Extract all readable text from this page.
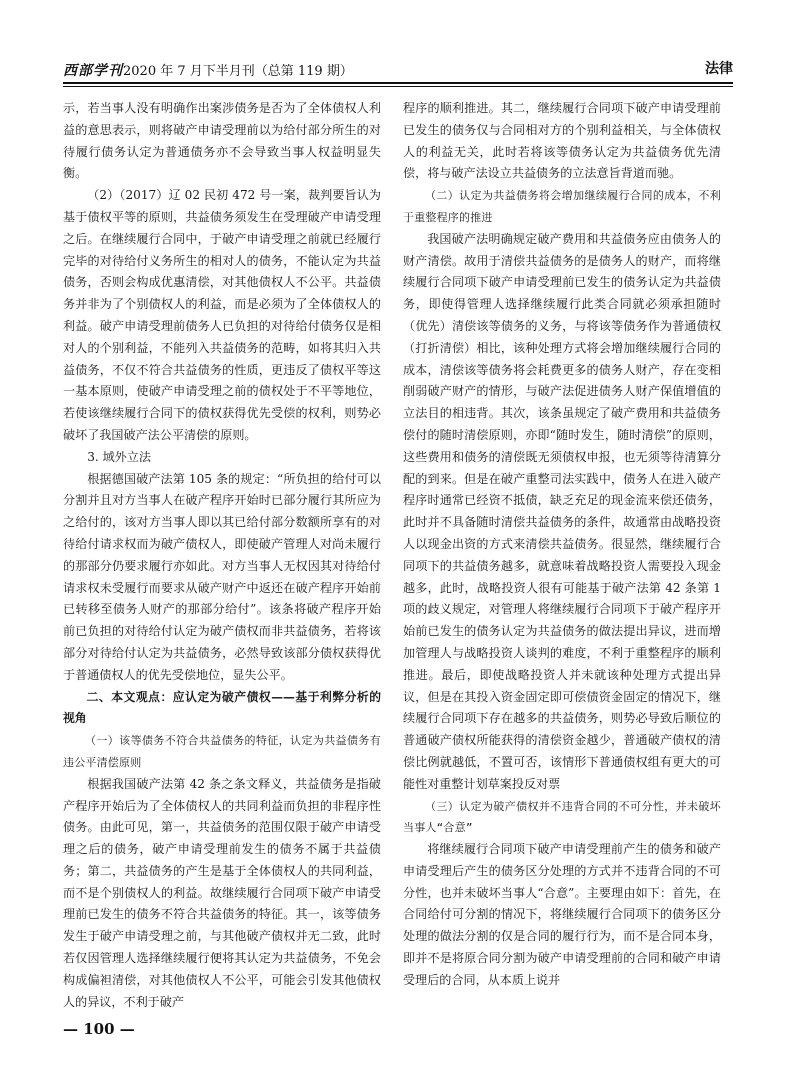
西部学刊2020 年 7 月下半月刊（总第 119 期）	法律

示，若当事人没有明确作出案涉债务是否为了全体债权人利益的意思表示，则将破产申请受理前以为给付部分所生的对待履行债务认定为普通债务亦不会导致当事人权益明显失衡。

（2）（2017）辽 02 民初 472 号一案，裁判要旨认为基于债权平等的原则，共益债务须发生在受理破产申请受理之后。在继续履行合同中，于破产申请受理之前就已经履行完毕的对待给付义务所生的相对人的债务，不能认定为共益债务，否则会构成优惠清偿，对其他债权人不公平。共益债务并非为了个别债权人的利益，而是必须为了全体债权人的利益。破产申请受理前债务人已负担的对待给付债务仅是相对人的个别利益，不能列入共益债务的范畴，如将其归入共益债务，不仅不符合共益债务的性质，更违反了债权平等这一基本原则，使破产申请受理之前的债权处于不平等地位，若使该继续履行合同下的债权获得优先受偿的权利，则势必破坏了我国破产法公平清偿的原则。

3. 域外立法

根据德国破产法第 105 条的规定：“所负担的给付可以分割并且对方当事人在破产程序开始时已部分履行其所应为之给付的，该对方当事人即以其已给付部分数额所享有的对待给付请求权而为破产债权人，即使破产管理人对尚未履行的那部分仍要求履行亦如此。对方当事人无权因其对待给付请求权未受履行而要求从破产财产中返还在破产程序开始前已转移至债务人财产的那部分给付”。该条将破产程序开始前已负担的对待给付认定为破产债权而非共益债务，若将该部分对待给付认定为共益债务，必然导致该部分债权获得优于普通债权人的优先受偿地位，显失公平。

二、本文观点：应认定为破产债权——基于利弊分析的视角

（一）该等债务不符合共益债务的特征，认定为共益债务有违公平清偿原则

根据我国破产法第 42 条之条文释义，共益债务是指破产程序开始后为了全体债权人的共同利益而负担的非程序性债务。由此可见，第一，共益债务的范围仅限于破产申请受理之后的债务，破产申请受理前发生的债务不属于共益债务；第二，共益债务的产生是基于全体债权人的共同利益，而不是个别债权人的利益。故继续履行合同项下破产申请受理前已发生的债务不符合共益债务的特征。其一，该等债务发生于破产申请受理之前，与其他破产债权并无二致，此时若仅因管理人选择继续履行便将其认定为共益债务，不免会构成偏袒清偿，对其他债权人不公平，可能会引发其他债权人的异议，不利于破产

程序的顺利推进。其二，继续履行合同项下破产申请受理前已发生的债务仅与合同相对方的个别利益相关，与全体债权人的利益无关，此时若将该等债务认定为共益债务优先清偿，将与破产法设立共益债务的立法意旨背道而驰。

（二）认定为共益债务将会增加继续履行合同的成本，不利于重整程序的推进

我国破产法明确规定破产费用和共益债务应由债务人的财产清偿。故用于清偿共益债务的是债务人的财产，而将继续履行合同项下破产申请受理前已发生的债务认定为共益债务，即使得管理人选择继续履行此类合同就必须承担随时（优先）清偿该等债务的义务，与将该等债务作为普通债权（打折清偿）相比，该种处理方式将会增加继续履行合同的成本，清偿该等债务将会耗费更多的债务人财产，存在变相削弱破产财产的情形，与破产法促进债务人财产保值增值的立法目的相违背。其次，该条虽规定了破产费用和共益债务偿付的随时清偿原则，亦即“随时发生，随时清偿”的原则，这些费用和债务的清偿既无须债权申报，也无须等待清算分配的到来。但是在破产重整司法实践中，债务人在进入破产程序时通常已经资不抵债，缺乏充足的现金流来偿还债务，此时并不具备随时清偿共益债务的条件，故通常由战略投资人以现金出资的方式来清偿共益债务。很显然，继续履行合同项下的共益债务越多，就意味着战略投资人需要投入现金越多，此时，战略投资人很有可能基于破产法第 42 条第 1 项的歧义规定，对管理人将继续履行合同项下于破产程序开始前已发生的债务认定为共益债务的做法提出异议，进而增加管理人与战略投资人谈判的难度，不利于重整程序的顺利推进。最后，即使战略投资人并未就该种处理方式提出异议，但是在其投入资金固定即可偿债资金固定的情况下，继续履行合同项下存在越多的共益债务，则势必导致后顺位的普通破产债权所能获得的清偿资金越少，普通破产债权的清偿比例就越低，不置可否，该情形下普通债权组有更大的可能性对重整计划草案投反对票

（三）认定为破产债权并不违背合同的不可分性，并未破坏当事人“合意”

将继续履行合同项下破产申请受理前产生的债务和破产申请受理后产生的债务区分处理的方式并不违背合同的不可分性，也并未破坏当事人“合意”。主要理由如下：首先，在合同给付可分割的情况下，将继续履行合同项下的债务区分处理的做法分割的仅是合同的履行行为，而不是合同本身，即并不是将原合同分割为破产申请受理前的合同和破产申请受理后的合同，从本质上说并

— 100 —
